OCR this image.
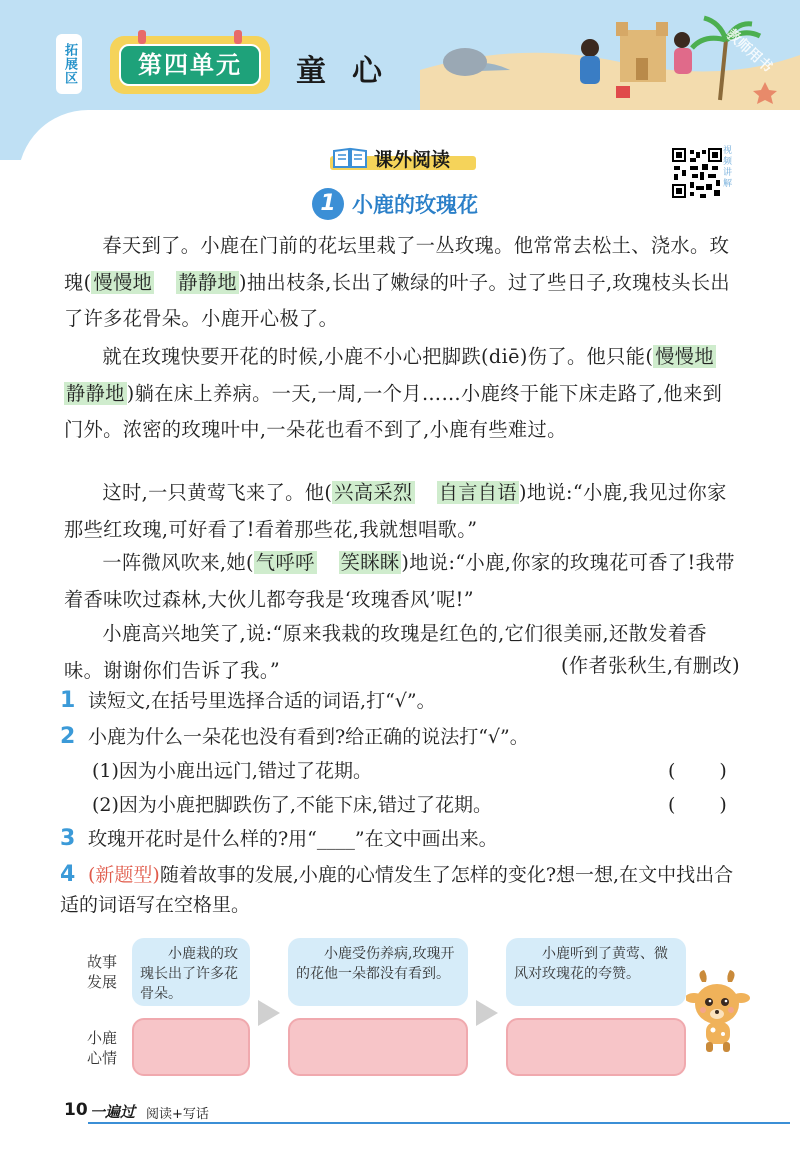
教师用书
拓展区	第四单元	童心
课外阅读	视频讲解
1 小鹿的玫瑰花
春天到了。小鹿在门前的花坛里栽了一丛玫瑰。他常常去松土、浇水。玫瑰( 慢慢地 静静地 )抽出枝条,长出了嫩绿的叶子。过了些日子,玫瑰枝头长出了许多花骨朵。小鹿开心极了。
就在玫瑰快要开花的时候,小鹿不小心把脚跌(diē)伤了。他只能( 慢慢地静静地 )躺在床上养病。一天,一周,一个月……小鹿终于能下床走路了,他来到门外。浓密的玫瑰叶中,一朵花也看不到了,小鹿有些难过。
这时,一只黄莺飞来了。他( 兴高采烈 自言自语 )地说:“小鹿,我见过你家那些红玫瑰,可好看了!看着那些花,我就想唱歌。”
一阵微风吹来,她( 气呼呼 笑眯眯 )地说:“小鹿,你家的玫瑰花可香了!我带着香味吹过森林,大伙儿都夸我是‘玫瑰香风’呢!”
小鹿高兴地笑了,说:“原来我栽的玫瑰是红色的,它们很美丽,还散发着香味。谢谢你们告诉了我。”	(作者张秋生,有删改)
1 读短文,在括号里选择合适的词语,打“√”。
2 小鹿为什么一朵花也没有看到?给正确的说法打“√”。
(1)因为小鹿出远门,错过了花期。	()
(2)因为小鹿把脚跌伤了,不能下床,错过了花期。	()
3 玫瑰开花时是什么样的?用“____”在文中画出来。
4 (新题型)随着故事的发展,小鹿的心情发生了怎样的变化?想一想,在文中找出合适的词语写在空格里。
故事发展
小鹿心情
小鹿栽的玫瑰长出了许多花骨朵。
小鹿受伤养病,玫瑰开的花他一朵都没有看到。
小鹿听到了黄莺、微风对玫瑰花的夸赞。
10 一遍过 阅读+写话
